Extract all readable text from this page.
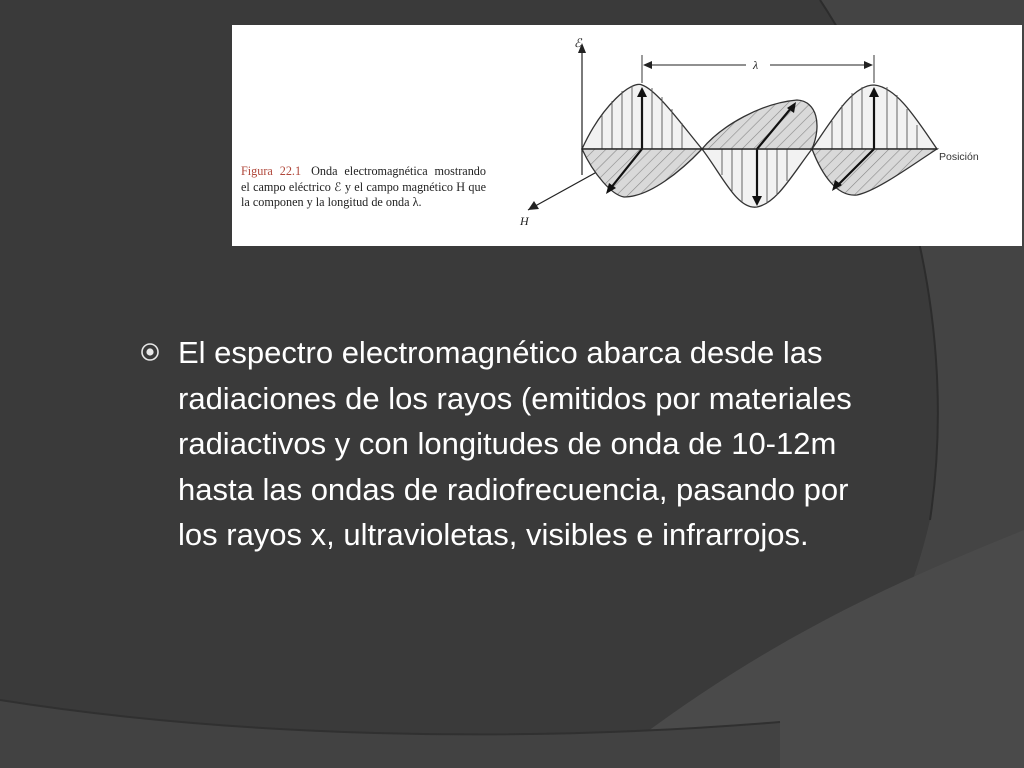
ℰ
H
Posición
λ
Figura 22.1 Onda electromagnética mostrando el campo eléctrico ℰ y el campo magnético H que la componen y la longitud de onda λ.

El espectro electromagnético abarca desde las radiaciones de los rayos (emitidos por materiales radiactivos y con longitudes de onda de 10-12m hasta las ondas de radiofrecuencia, pasando por los rayos x, ultravioletas, visibles e infrarrojos.
